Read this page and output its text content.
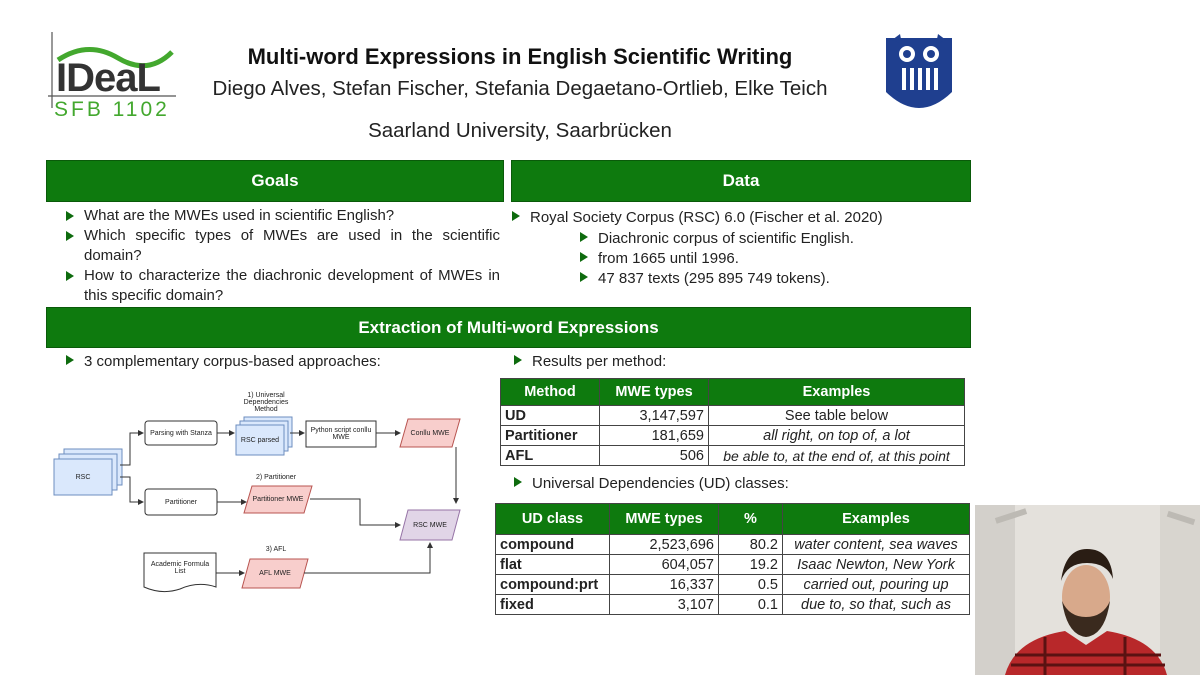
IDeaL
SFB 1102
Multi-word Expressions in English Scientific Writing
Diego Alves, Stefan Fischer, Stefania Degaetano-Ortlieb, Elke Teich
Saarland University, Saarbrücken
Goals
What are the MWEs used in scientific English?
Which specific types of MWEs are used in the scientific domain?
How to characterize the diachronic development of MWEs in this specific domain?
Data
Royal Society Corpus (RSC) 6.0 (Fischer et al. 2020)
Diachronic corpus of scientific English.
from 1665 until 1996.
47 837 texts (295 895 749 tokens).
Extraction of Multi-word Expressions
3 complementary corpus-based approaches:	Results per method:
Universal Dependencies (UD) classes:
RSC
Parsing with Stanza
1) Universal Dependencies Method
RSC parsed
Python script conllu MWE
Conllu MWE
2) Partitioner
Partitioner	Partitioner MWE
RSC MWE
3) AFL
Academic Formula List	AFL MWE
Method	MWE types	Examples
UD	3,147,597	See table below
Partitioner	181,659	all right, on top of, a lot
AFL	506	be able to, at the end of, at this point
UD class	MWE types	%	Examples
compound	2,523,696	80.2	water content, sea waves
flat	604,057	19.2	Isaac Newton, New York
compound:prt	16,337	0.5	carried out, pouring up
fixed	3,107	0.1	due to, so that, such as
